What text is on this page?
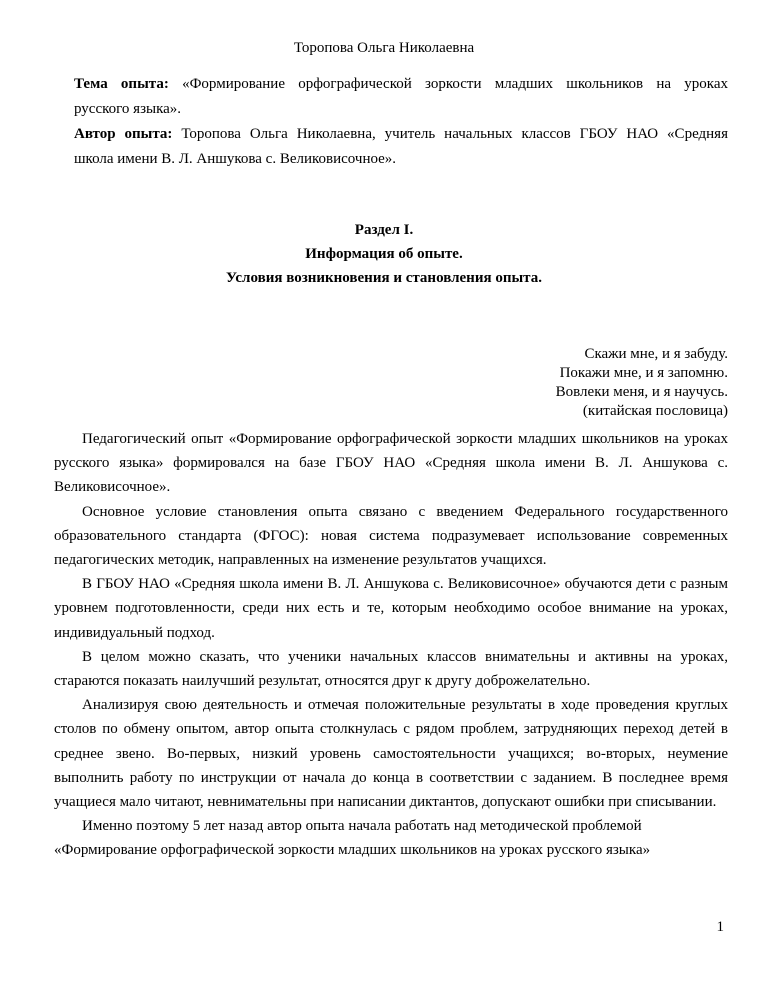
Торопова Ольга Николаевна
Тема опыта: «Формирование орфографической зоркости младших школьников на уроках
русского языка».
Автор опыта: Торопова Ольга Николаевна, учитель начальных классов ГБОУ НАО «Средняя
школа имени В. Л. Аншукова с. Великовисочное».
Раздел I.
Информация об опыте.
Условия возникновения и становления опыта.
Скажи мне, и я забуду.
Покажи мне, и я запомню.
Вовлеки меня, и я научусь.
(китайская пословица)

Педагогический опыт «Формирование орфографической зоркости младших школьников на уроках русского языка» формировался на базе ГБОУ НАО «Средняя школа имени В. Л. Аншукова с. Великовисочное».

Основное условие становления опыта связано с введением Федерального государственного образовательного стандарта (ФГОС): новая система подразумевает использование современных педагогических методик, направленных на изменение результатов учащихся.

В ГБОУ НАО «Средняя школа имени В. Л. Аншукова с. Великовисочное» обучаются дети с разным уровнем подготовленности, среди них есть и те, которым необходимо особое внимание на уроках, индивидуальный подход.

В целом можно сказать, что ученики начальных классов внимательны и активны на уроках, стараются показать наилучший результат, относятся друг к другу доброжелательно.

Анализируя свою деятельность и отмечая положительные результаты в ходе проведения круглых столов по обмену опытом, автор опыта столкнулась с рядом проблем, затрудняющих переход детей в среднее звено. Во-первых, низкий уровень самостоятельности учащихся; во-вторых, неумение выполнить работу по инструкции от начала до конца в соответствии с заданием. В последнее время учащиеся мало читают, невнимательны при написании диктантов, допускают ошибки при списывании.

Именно поэтому 5 лет назад автор опыта начала работать над методической проблемой «Формирование орфографической зоркости младших школьников на уроках русского языка»

1
